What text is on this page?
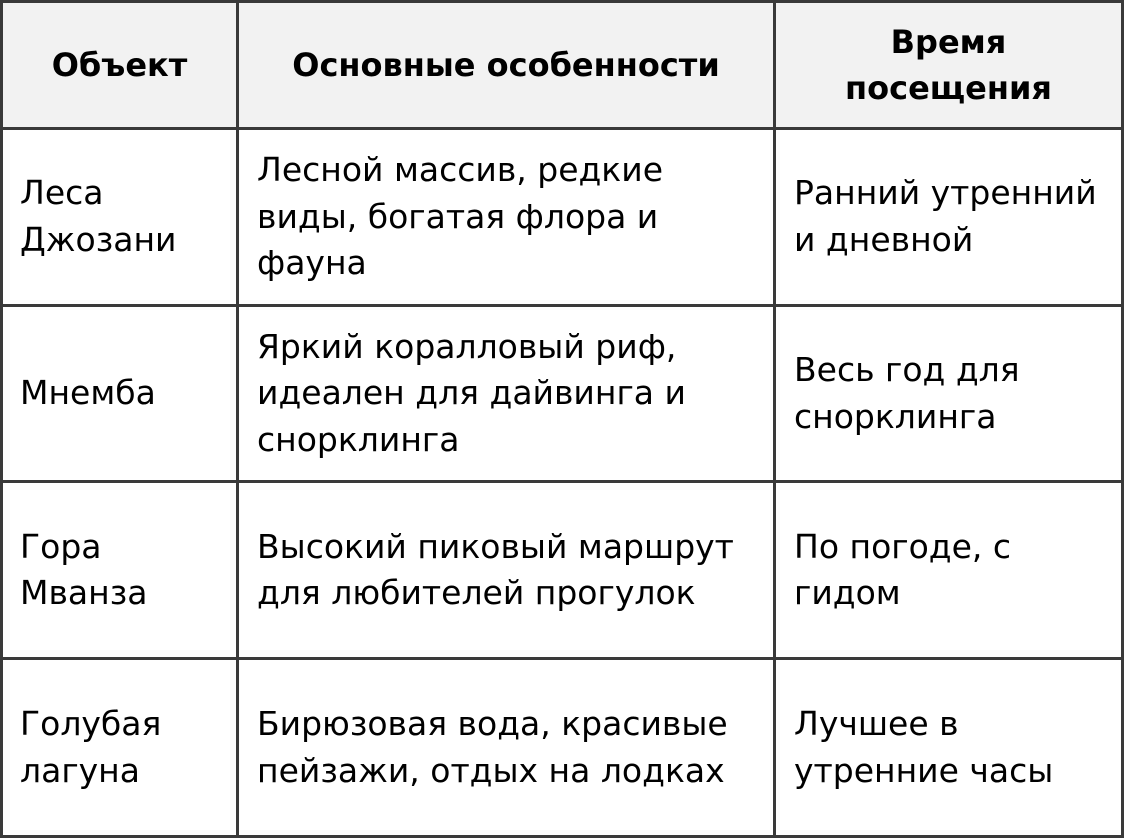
Объект	Основные особенности	Время посещения
Леса Джозани	Лесной массив, редкие виды, богатая флора и фауна	Ранний утренний и дневной
Мнемба	Яркий коралловый риф, идеален для дайвинга и снорклинга	Весь год для снорклинга
Гора Мванза	Высокий пиковый маршрут для любителей прогулок	По погоде, с гидом
Голубая лагуна	Бирюзовая вода, красивые пейзажи, отдых на лодках	Лучшее в утренние часы
